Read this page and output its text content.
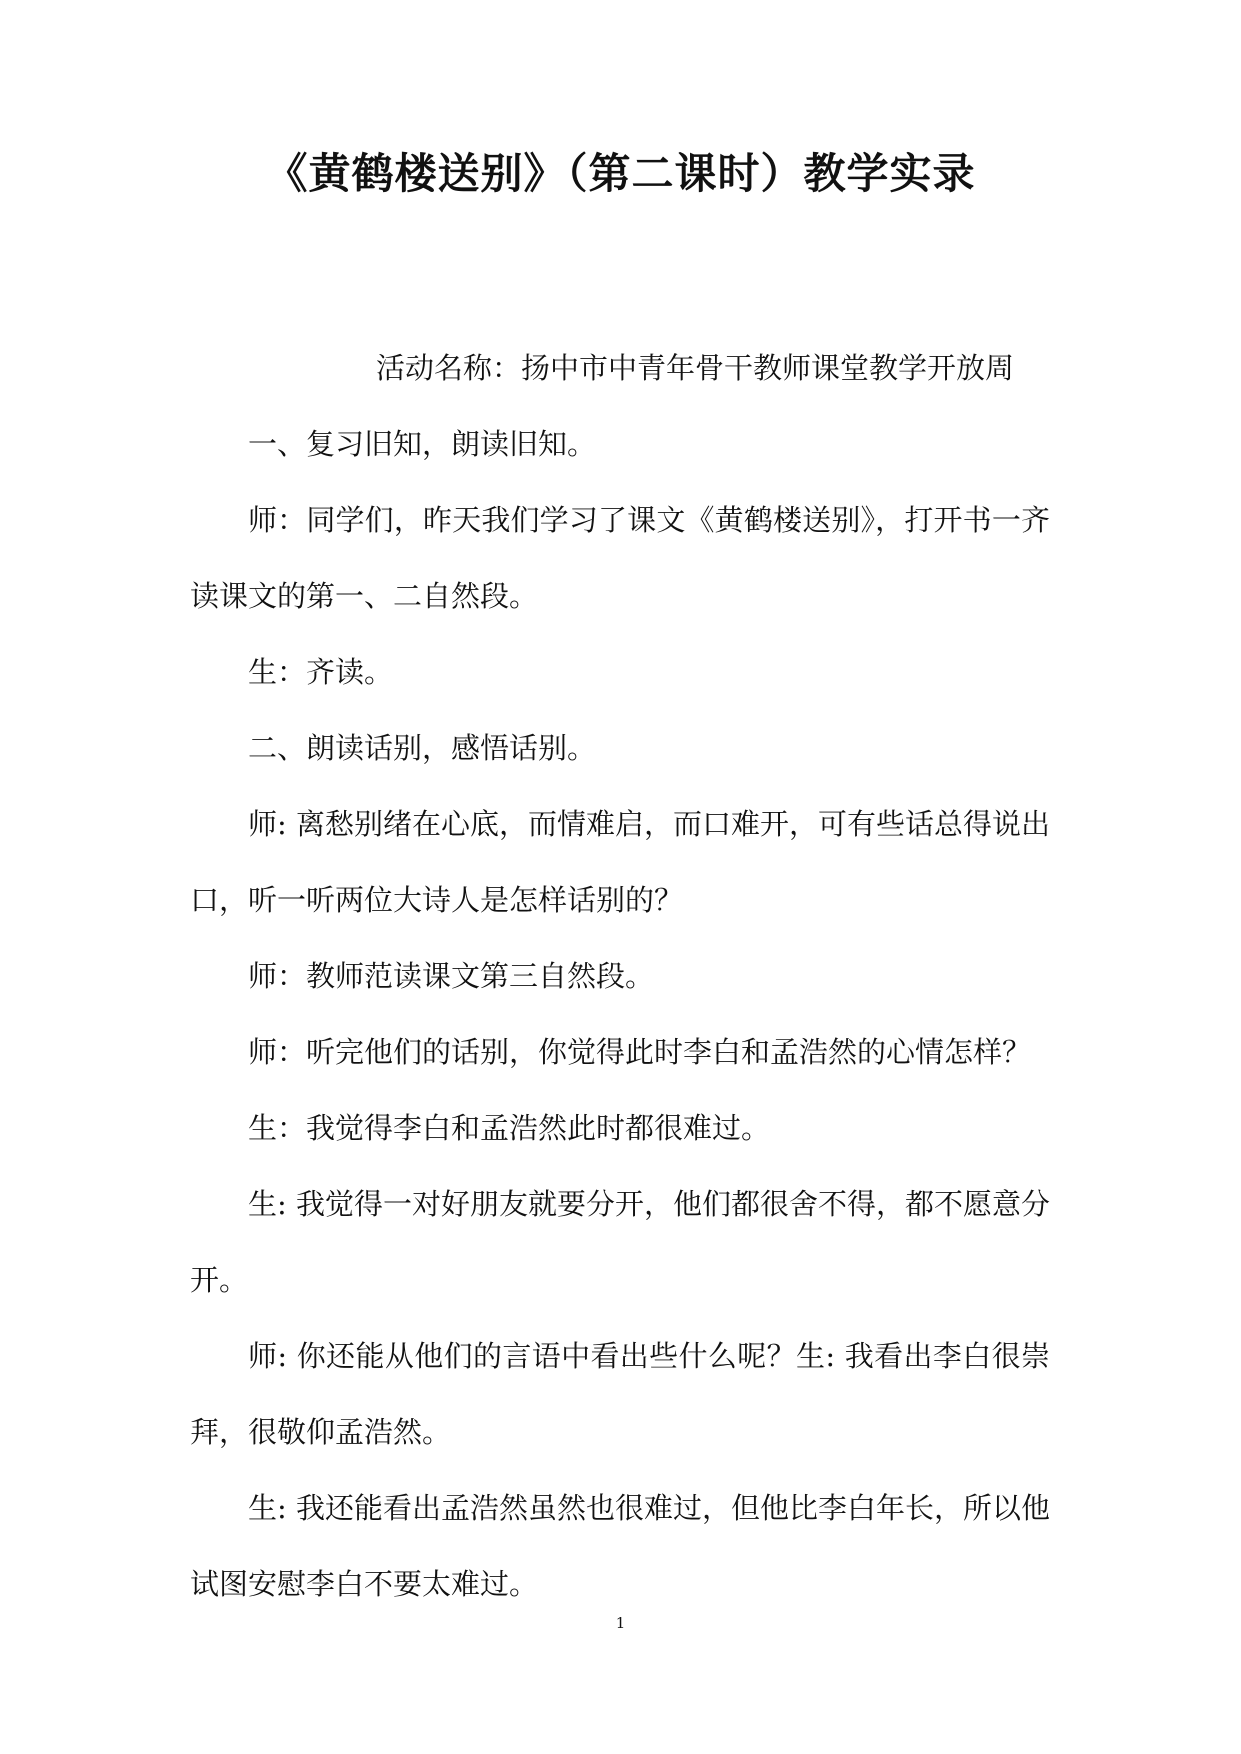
《黄鹤楼送别》（第二课时）教学实录

活动名称：扬中市中青年骨干教师课堂教学开放周

一、复习旧知，朗读旧知。

师：同学们，昨天我们学习了课文《黄鹤楼送别》，打开书一齐读课文的第一、二自然段。

生：齐读。

二、朗读话别，感悟话别。

师: 离愁别绪在心底，而情难启，而口难开，可有些话总得说出口，听一听两位大诗人是怎样话别的？

师：教师范读课文第三自然段。

师：听完他们的话别，你觉得此时李白和孟浩然的心情怎样？

生：我觉得李白和孟浩然此时都很难过。

生: 我觉得一对好朋友就要分开，他们都很舍不得，都不愿意分开。

师: 你还能从他们的言语中看出些什么呢？生: 我看出李白很崇拜，很敬仰孟浩然。

生: 我还能看出孟浩然虽然也很难过，但他比李白年长，所以他试图安慰李白不要太难过。

1
